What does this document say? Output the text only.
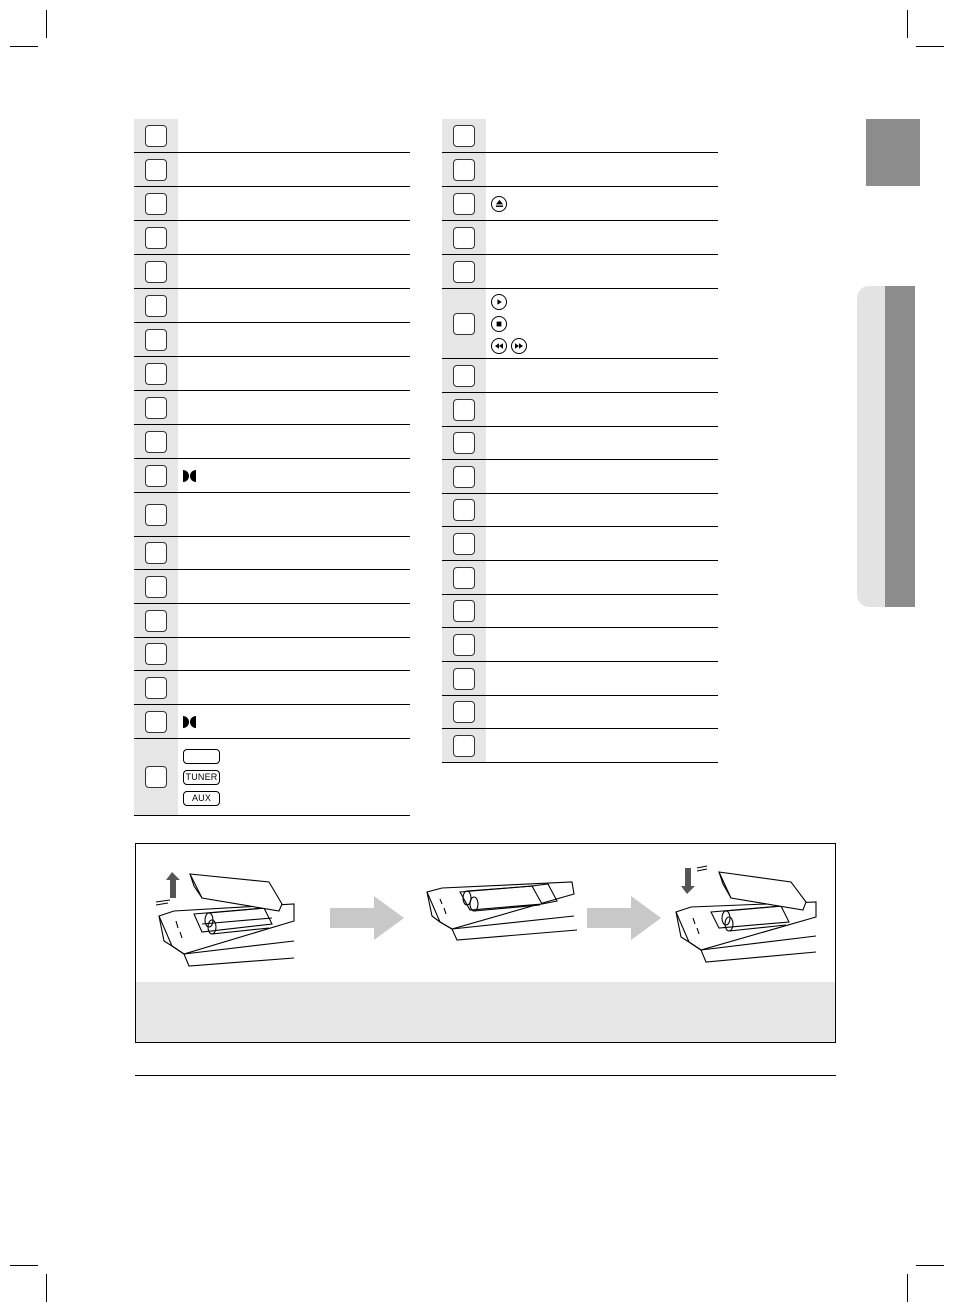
TUNER
AUX
